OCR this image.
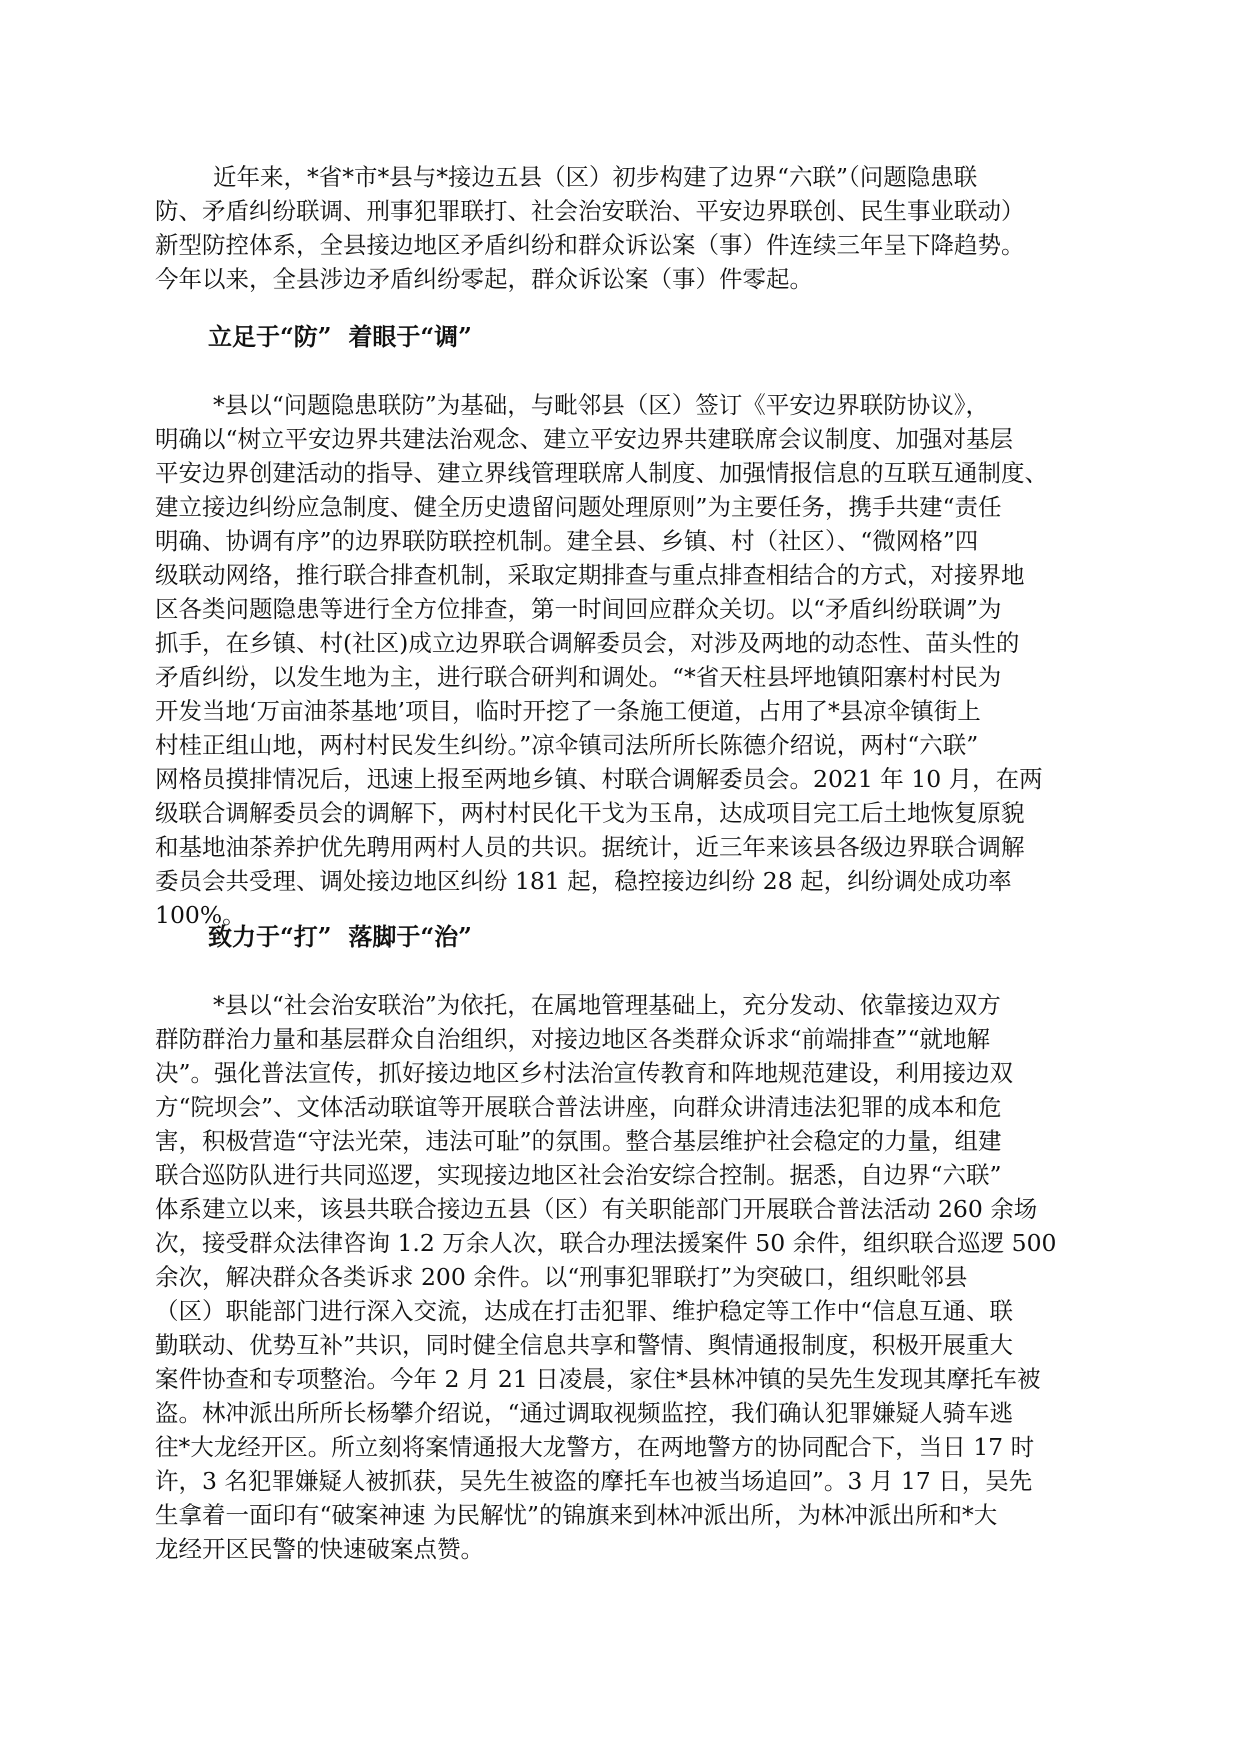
近年来，*省*市*县与*接边五县（区）初步构建了边界“六联”（问题隐患联
防、矛盾纠纷联调、刑事犯罪联打、社会治安联治、平安边界联创、民生事业联动）
新型防控体系，全县接边地区矛盾纠纷和群众诉讼案（事）件连续三年呈下降趋势。
今年以来，全县涉边矛盾纠纷零起，群众诉讼案（事）件零起。
立足于“防”  着眼于“调”
*县以“问题隐患联防”为基础，与毗邻县（区）签订《平安边界联防协议》，
明确以“树立平安边界共建法治观念、建立平安边界共建联席会议制度、加强对基层
平安边界创建活动的指导、建立界线管理联席人制度、加强情报信息的互联互通制度、
建立接边纠纷应急制度、健全历史遗留问题处理原则”为主要任务，携手共建“责任
明确、协调有序”的边界联防联控机制。建全县、乡镇、村（社区）、“微网格”四
级联动网络，推行联合排查机制，采取定期排查与重点排查相结合的方式，对接界地
区各类问题隐患等进行全方位排查，第一时间回应群众关切。以“矛盾纠纷联调”为
抓手，在乡镇、村(社区)成立边界联合调解委员会，对涉及两地的动态性、苗头性的
矛盾纠纷，以发生地为主，进行联合研判和调处。“*省天柱县坪地镇阳寨村村民为
开发当地‘万亩油茶基地’项目，临时开挖了一条施工便道，占用了*县凉伞镇街上
村桂正组山地，两村村民发生纠纷。”凉伞镇司法所所长陈德介绍说，两村“六联”
网格员摸排情况后，迅速上报至两地乡镇、村联合调解委员会。2021 年 10 月，在两
级联合调解委员会的调解下，两村村民化干戈为玉帛，达成项目完工后土地恢复原貌
和基地油茶养护优先聘用两村人员的共识。据统计，近三年来该县各级边界联合调解
委员会共受理、调处接边地区纠纷 181 起，稳控接边纠纷 28 起，纠纷调处成功率
100%。
致力于“打”  落脚于“治”
*县以“社会治安联治”为依托，在属地管理基础上，充分发动、依靠接边双方
群防群治力量和基层群众自治组织，对接边地区各类群众诉求“前端排查”“就地解
决”。强化普法宣传，抓好接边地区乡村法治宣传教育和阵地规范建设，利用接边双
方“院坝会”、文体活动联谊等开展联合普法讲座，向群众讲清违法犯罪的成本和危
害，积极营造“守法光荣，违法可耻”的氛围。整合基层维护社会稳定的力量，组建
联合巡防队进行共同巡逻，实现接边地区社会治安综合控制。据悉，自边界“六联”
体系建立以来，该县共联合接边五县（区）有关职能部门开展联合普法活动 260 余场
次，接受群众法律咨询 1.2 万余人次，联合办理法援案件 50 余件，组织联合巡逻 500
余次，解决群众各类诉求 200 余件。以“刑事犯罪联打”为突破口，组织毗邻县
（区）职能部门进行深入交流，达成在打击犯罪、维护稳定等工作中“信息互通、联
勤联动、优势互补”共识，同时健全信息共享和警情、舆情通报制度，积极开展重大
案件协查和专项整治。今年 2 月 21 日凌晨，家住*县林冲镇的吴先生发现其摩托车被
盗。林冲派出所所长杨攀介绍说，“通过调取视频监控，我们确认犯罪嫌疑人骑车逃
往*大龙经开区。所立刻将案情通报大龙警方，在两地警方的协同配合下，当日 17 时
许，3 名犯罪嫌疑人被抓获，吴先生被盗的摩托车也被当场追回”。3 月 17 日，吴先
生拿着一面印有“破案神速 为民解忧”的锦旗来到林冲派出所，为林冲派出所和*大
龙经开区民警的快速破案点赞。
